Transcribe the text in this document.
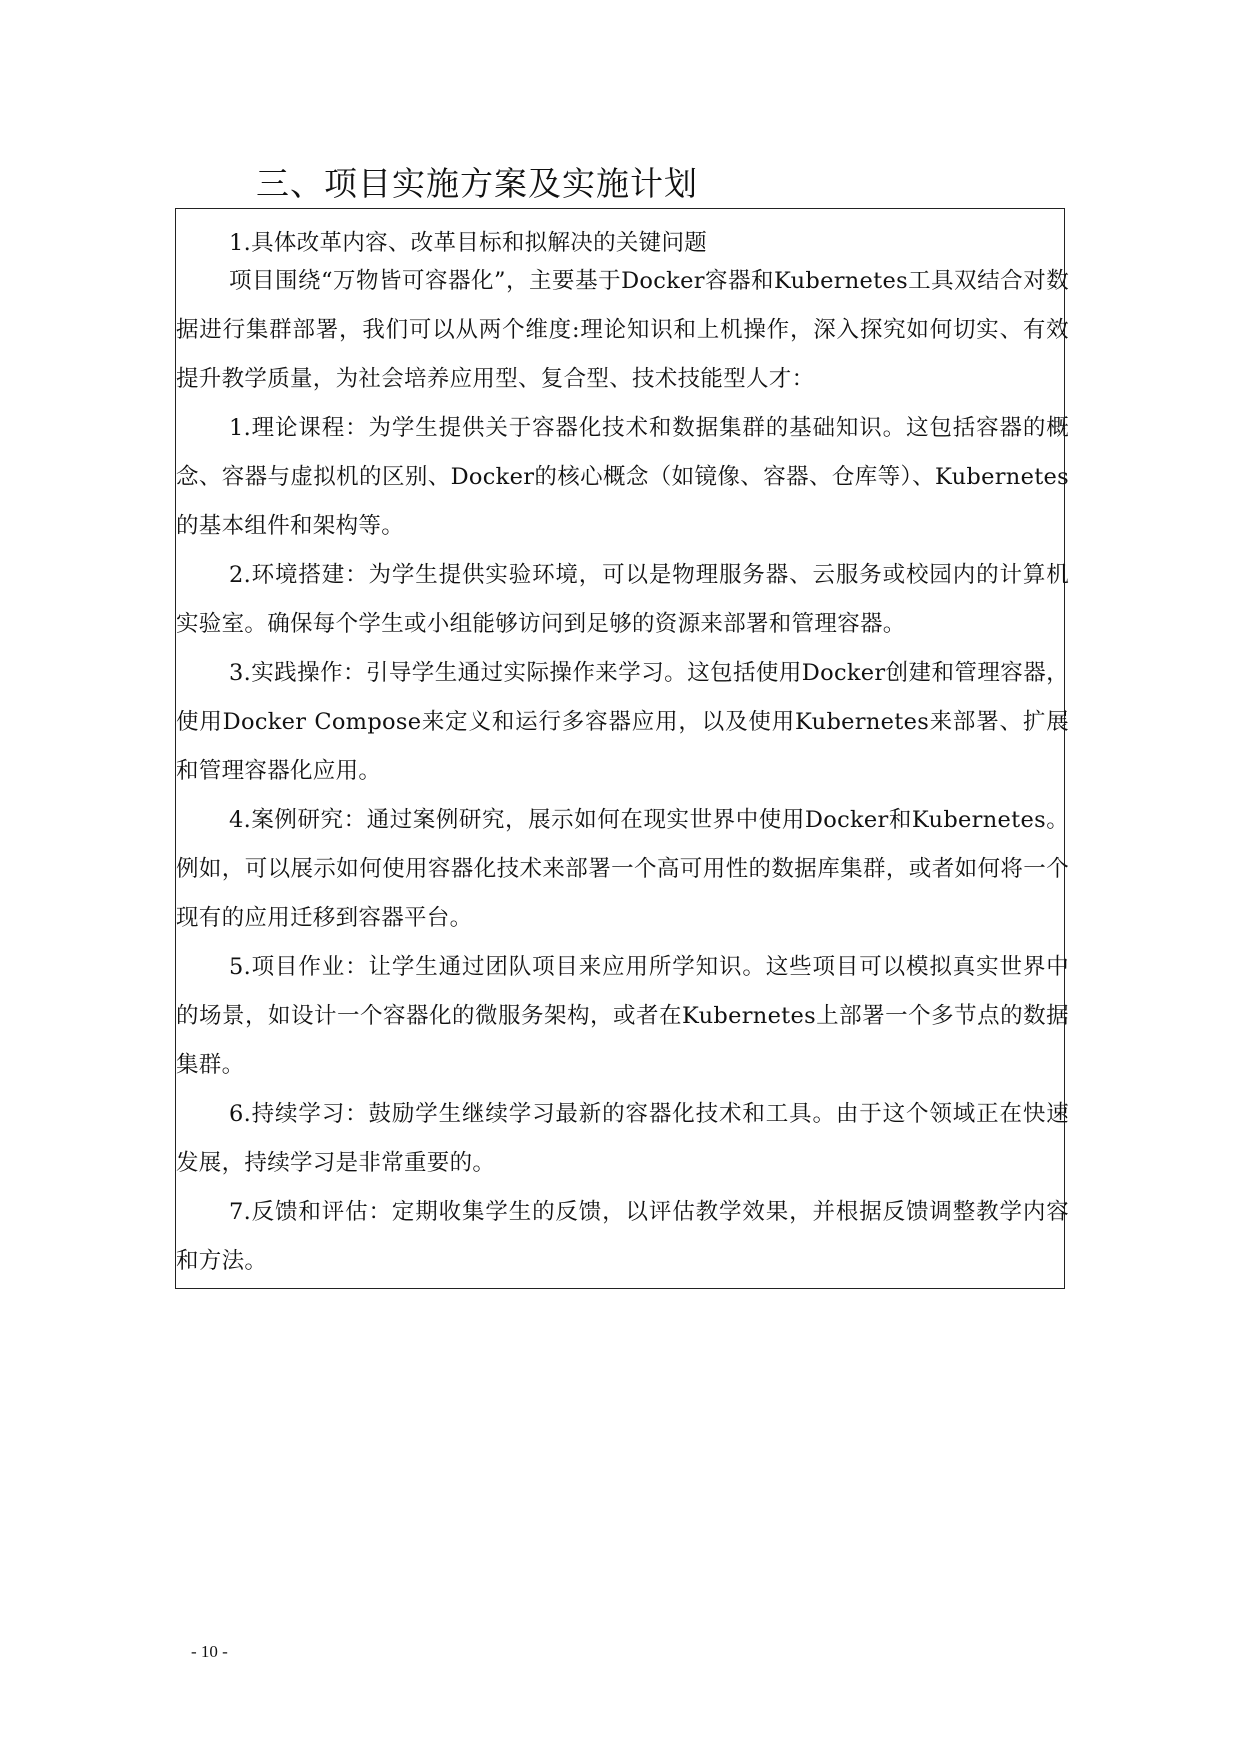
三、项目实施方案及实施计划

1.具体改革内容、改革目标和拟解决的关键问题

项目围绕“万物皆可容器化”，主要基于Docker容器和Kubernetes工具双结合对数据进行集群部署，我们可以从两个维度:理论知识和上机操作，深入探究如何切实、有效提升教学质量，为社会培养应用型、复合型、技术技能型人才：

1.理论课程：为学生提供关于容器化技术和数据集群的基础知识。这包括容器的概念、容器与虚拟机的区别、Docker的核心概念（如镜像、容器、仓库等）、Kubernetes的基本组件和架构等。

2.环境搭建：为学生提供实验环境，可以是物理服务器、云服务或校园内的计算机实验室。确保每个学生或小组能够访问到足够的资源来部署和管理容器。

3.实践操作：引导学生通过实际操作来学习。这包括使用Docker创建和管理容器，使用Docker Compose来定义和运行多容器应用，以及使用Kubernetes来部署、扩展和管理容器化应用。

4.案例研究：通过案例研究，展示如何在现实世界中使用Docker和Kubernetes。例如，可以展示如何使用容器化技术来部署一个高可用性的数据库集群，或者如何将一个现有的应用迁移到容器平台。

5.项目作业：让学生通过团队项目来应用所学知识。这些项目可以模拟真实世界中的场景，如设计一个容器化的微服务架构，或者在Kubernetes上部署一个多节点的数据集群。

6.持续学习：鼓励学生继续学习最新的容器化技术和工具。由于这个领域正在快速发展，持续学习是非常重要的。

7.反馈和评估：定期收集学生的反馈，以评估教学效果，并根据反馈调整教学内容和方法。

- 10 -
